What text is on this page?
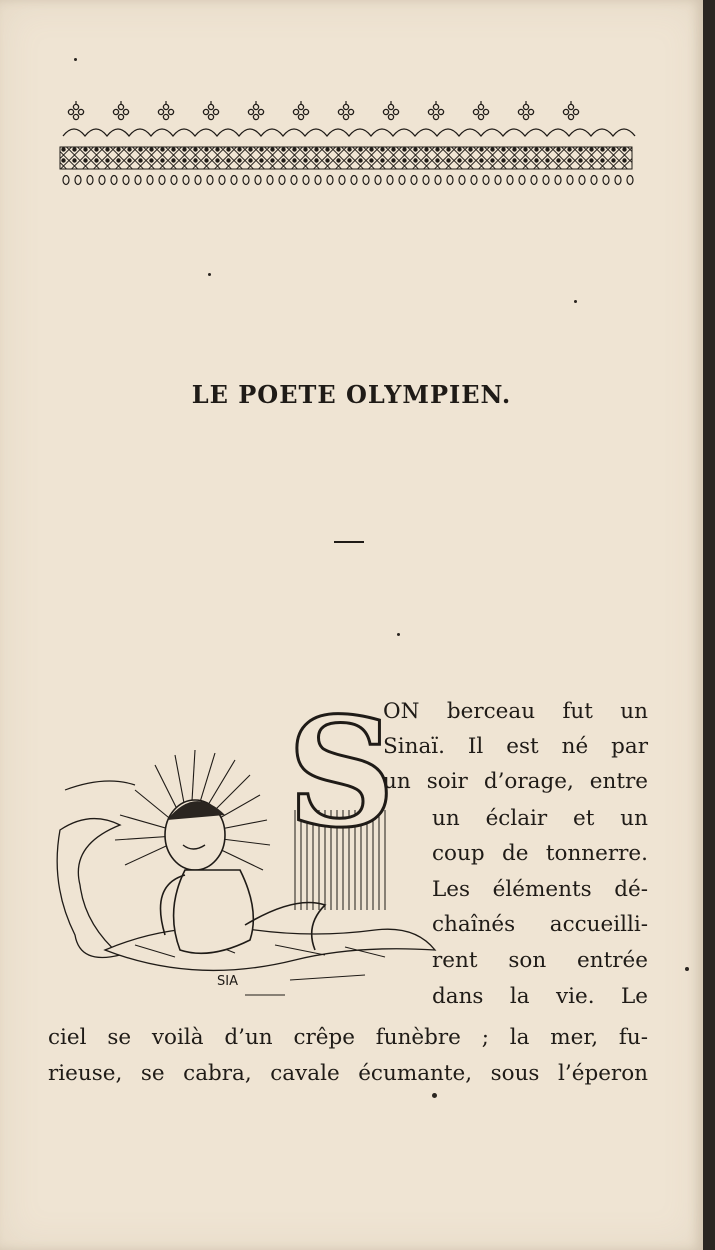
LE POETE OLYMPIEN.
S
SIA
ON berceau fut un
Sinaï. Il est né par
un soir d’orage, entre
un éclair et un
coup de tonnerre.
Les éléments dé-
chaînés accueilli-
rent son entrée
dans la vie. Le
ciel se voilà d’un crêpe funèbre ; la mer, fu-
rieuse, se cabra, cavale écumante, sous l’éperon
